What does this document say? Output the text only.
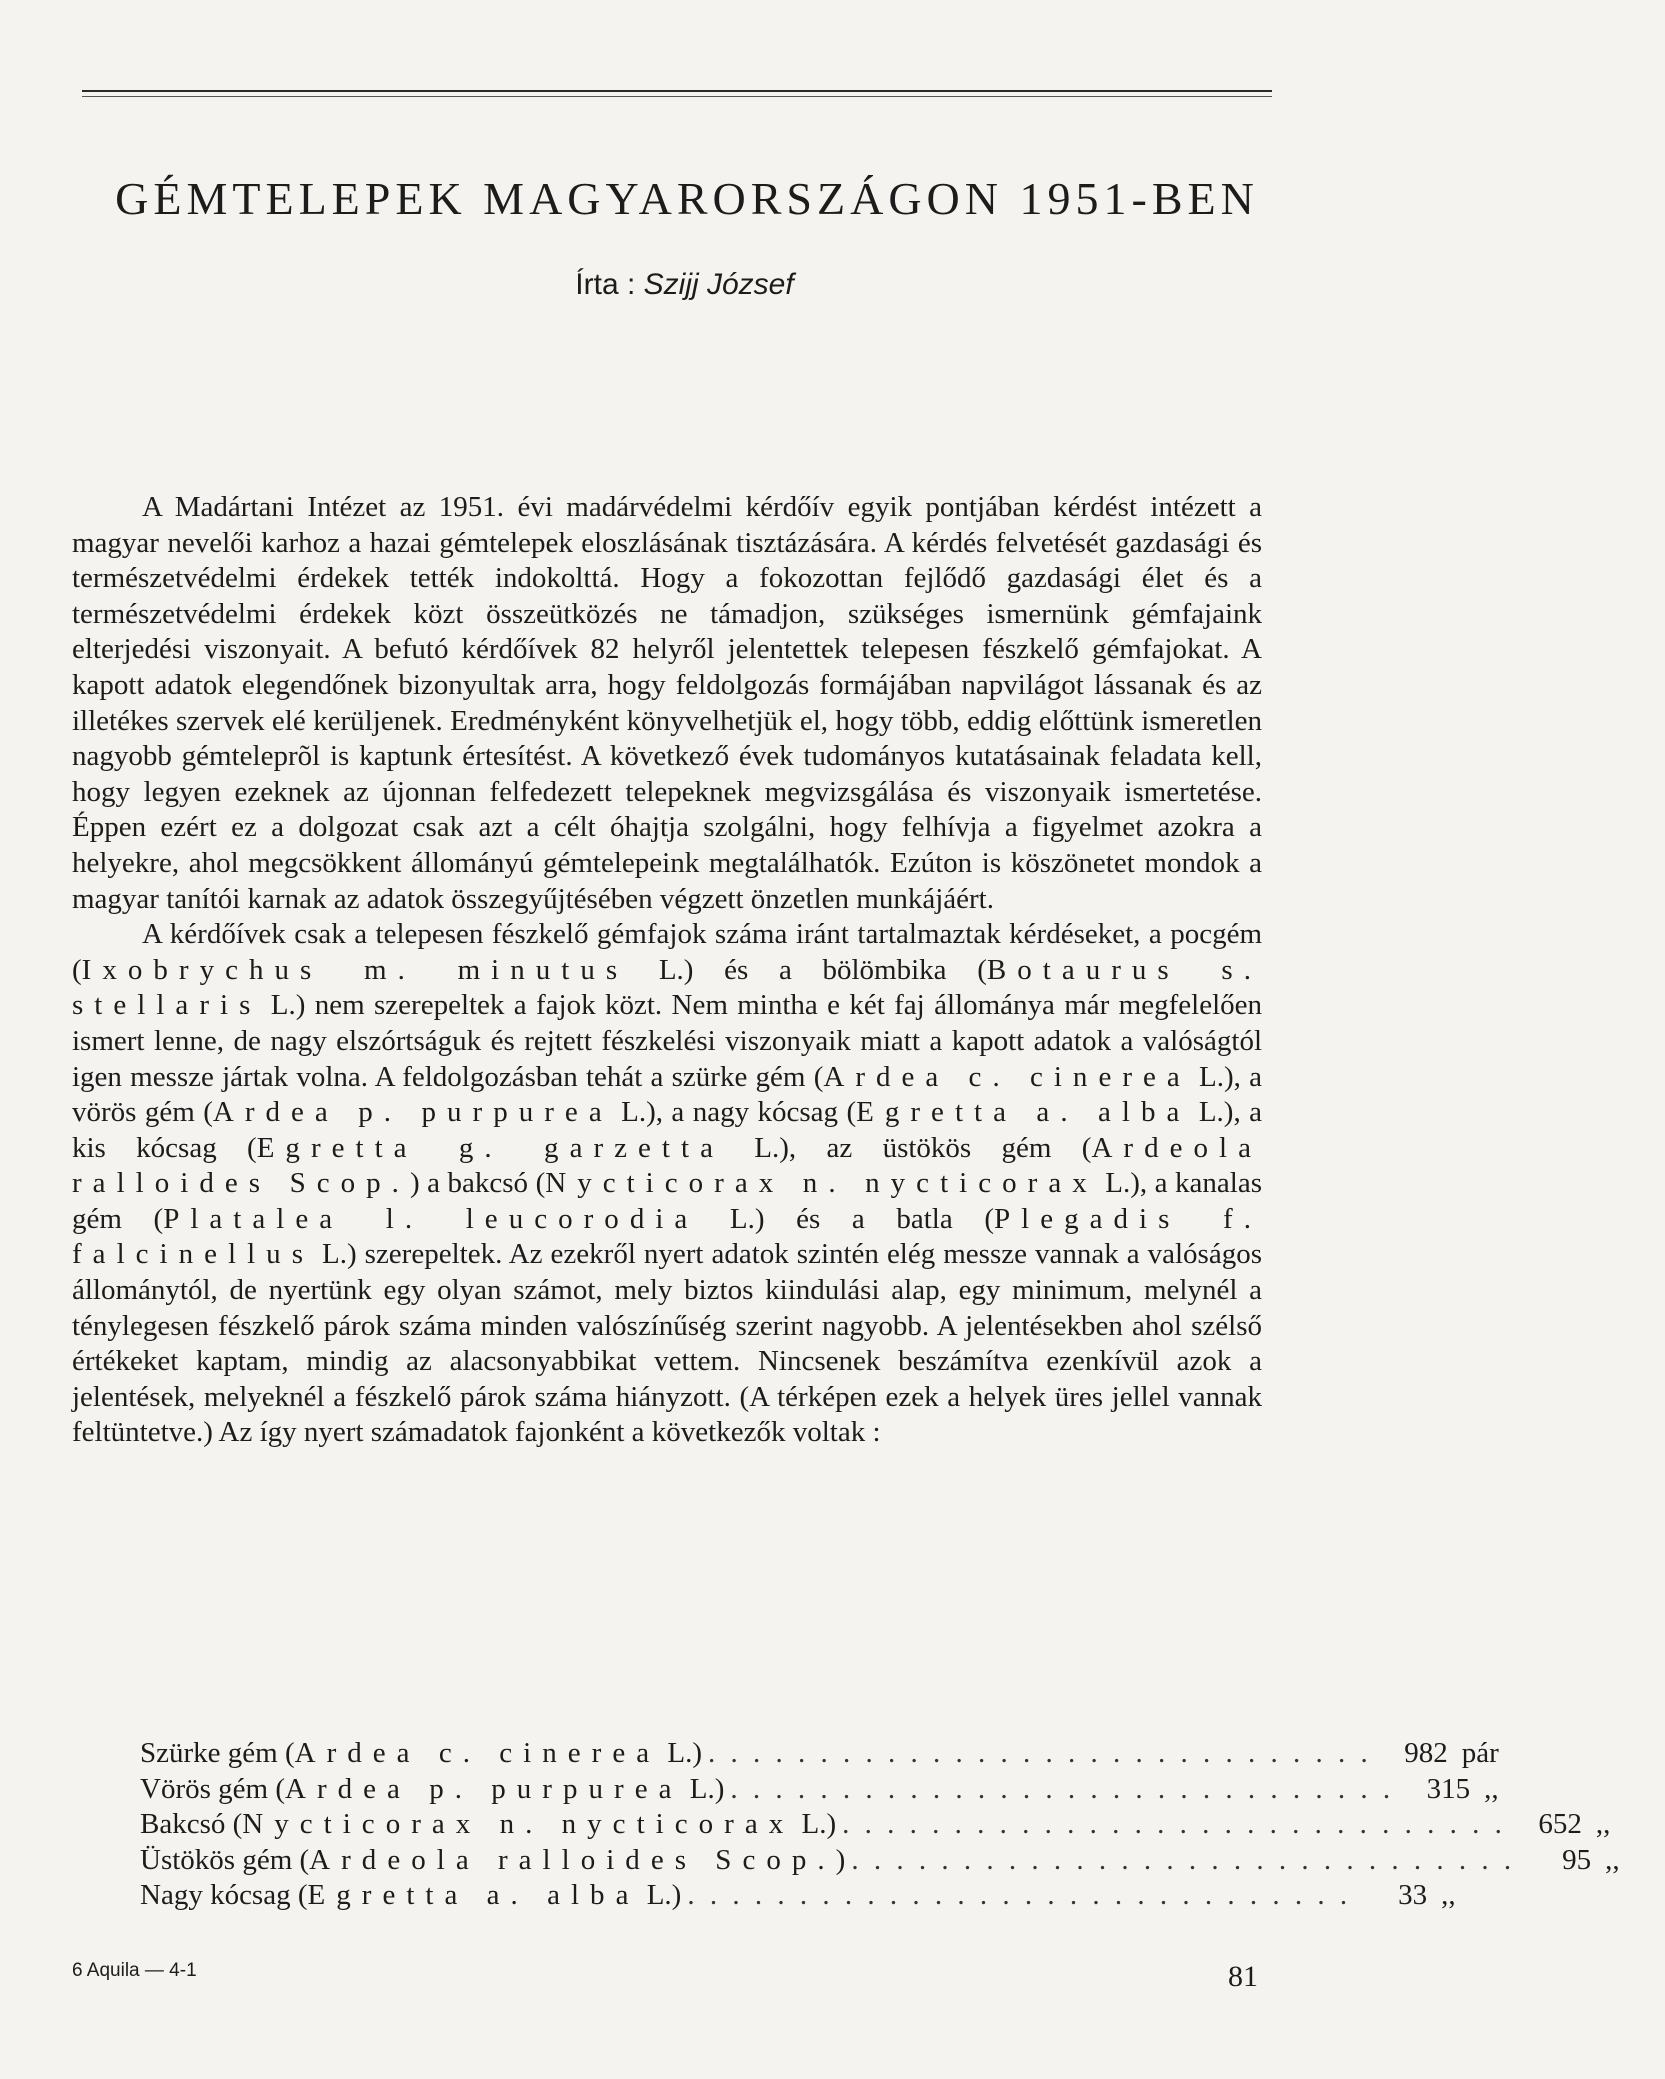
GÉMTELEPEK MAGYARORSZÁGON 1951-BEN
Írta : Szijj József

A Madártani Intézet az 1951. évi madárvédelmi kérdőív egyik pontjában kérdést intézett a magyar nevelői karhoz a hazai gémtelepek eloszlásának tisztázására. A kérdés felvetését gazdasági és természetvédelmi érdekek tették indokolttá. Hogy a fokozottan fejlődő gazdasági élet és a természetvédelmi érdekek közt összeütközés ne támadjon, szükséges ismernünk gémfajaink elterjedési viszonyait. A befutó kérdőívek 82 helyről jelentettek telepesen fészkelő gémfajokat. A kapott adatok elegendőnek bizonyultak arra, hogy feldolgozás formájában napvilágot lássanak és az illetékes szervek elé kerüljenek. Eredményként könyvelhetjük el, hogy több, eddig előttünk ismeretlen nagyobb gémteleprõl is kaptunk értesítést. A következő évek tudományos kutatásainak feladata kell, hogy legyen ezeknek az újonnan felfedezett telepeknek megvizsgálása és viszonyaik ismertetése. Éppen ezért ez a dolgozat csak azt a célt óhajtja szolgálni, hogy felhívja a figyelmet azokra a helyekre, ahol megcsökkent állományú gémtelepeink megtalálhatók. Ezúton is köszönetet mondok a magyar tanítói karnak az adatok összegyűjtésében végzett önzetlen munkájáért.

A kérdőívek csak a telepesen fészkelő gémfajok száma iránt tartalmaztak kérdéseket, a pocgém (Ixobrychus m. minutus L.) és a bölömbika (Botaurus s. stellaris L.) nem szerepeltek a fajok közt. Nem mintha e két faj állománya már megfelelően ismert lenne, de nagy elszórtságuk és rejtett fészkelési viszonyaik miatt a kapott adatok a valóságtól igen messze jártak volna. A feldolgozásban tehát a szürke gém (Ardea c. cinerea L.), a vörös gém (Ardea p. purpurea L.), a nagy kócsag (Egretta a. alba L.), a kis kócsag (Egretta g. garzetta L.), az üstökös gém (Ardeola ralloides Scop.) a bakcsó (Nycticorax n. nycticorax L.), a kanalas gém (Platalea l. leucorodia L.) és a batla (Plegadis f. falcinellus L.) szerepeltek. Az ezekről nyert adatok szintén elég messze vannak a valóságos állománytól, de nyertünk egy olyan számot, mely biztos kiindulási alap, egy minimum, melynél a ténylegesen fészkelő párok száma minden valószínűség szerint nagyobb. A jelentésekben ahol szélső értékeket kaptam, mindig az alacsonyabbikat vettem. Nincsenek beszámítva ezenkívül azok a jelentések, melyeknél a fészkelő párok száma hiányzott. (A térképen ezek a helyek üres jellel vannak feltüntetve.) Az így nyert számadatok fajonként a következők voltak :

Szürke gém (Ardea c. cinerea L.) . . . . . . . . . . . . . . . . . . . . . . . . . . . . . .	982 pár
Vörös gém (Ardea p. purpurea L.) . . . . . . . . . . . . . . . . . . . . . . . . . . . . . .	315 ,,
Bakcsó (Nycticorax n. nycticorax L.) . . . . . . . . . . . . . . . . . . . . . . . . . . . . . .	652 ,,
Üstökös gém (Ardeola ralloides Scop.) . . . . . . . . . . . . . . . . . . . . . . . . . . . . . .	95 ,,
Nagy kócsag (Egretta a. alba L.) . . . . . . . . . . . . . . . . . . . . . . . . . . . . . .	33 ,,
6 Aquila — 4-1	81
